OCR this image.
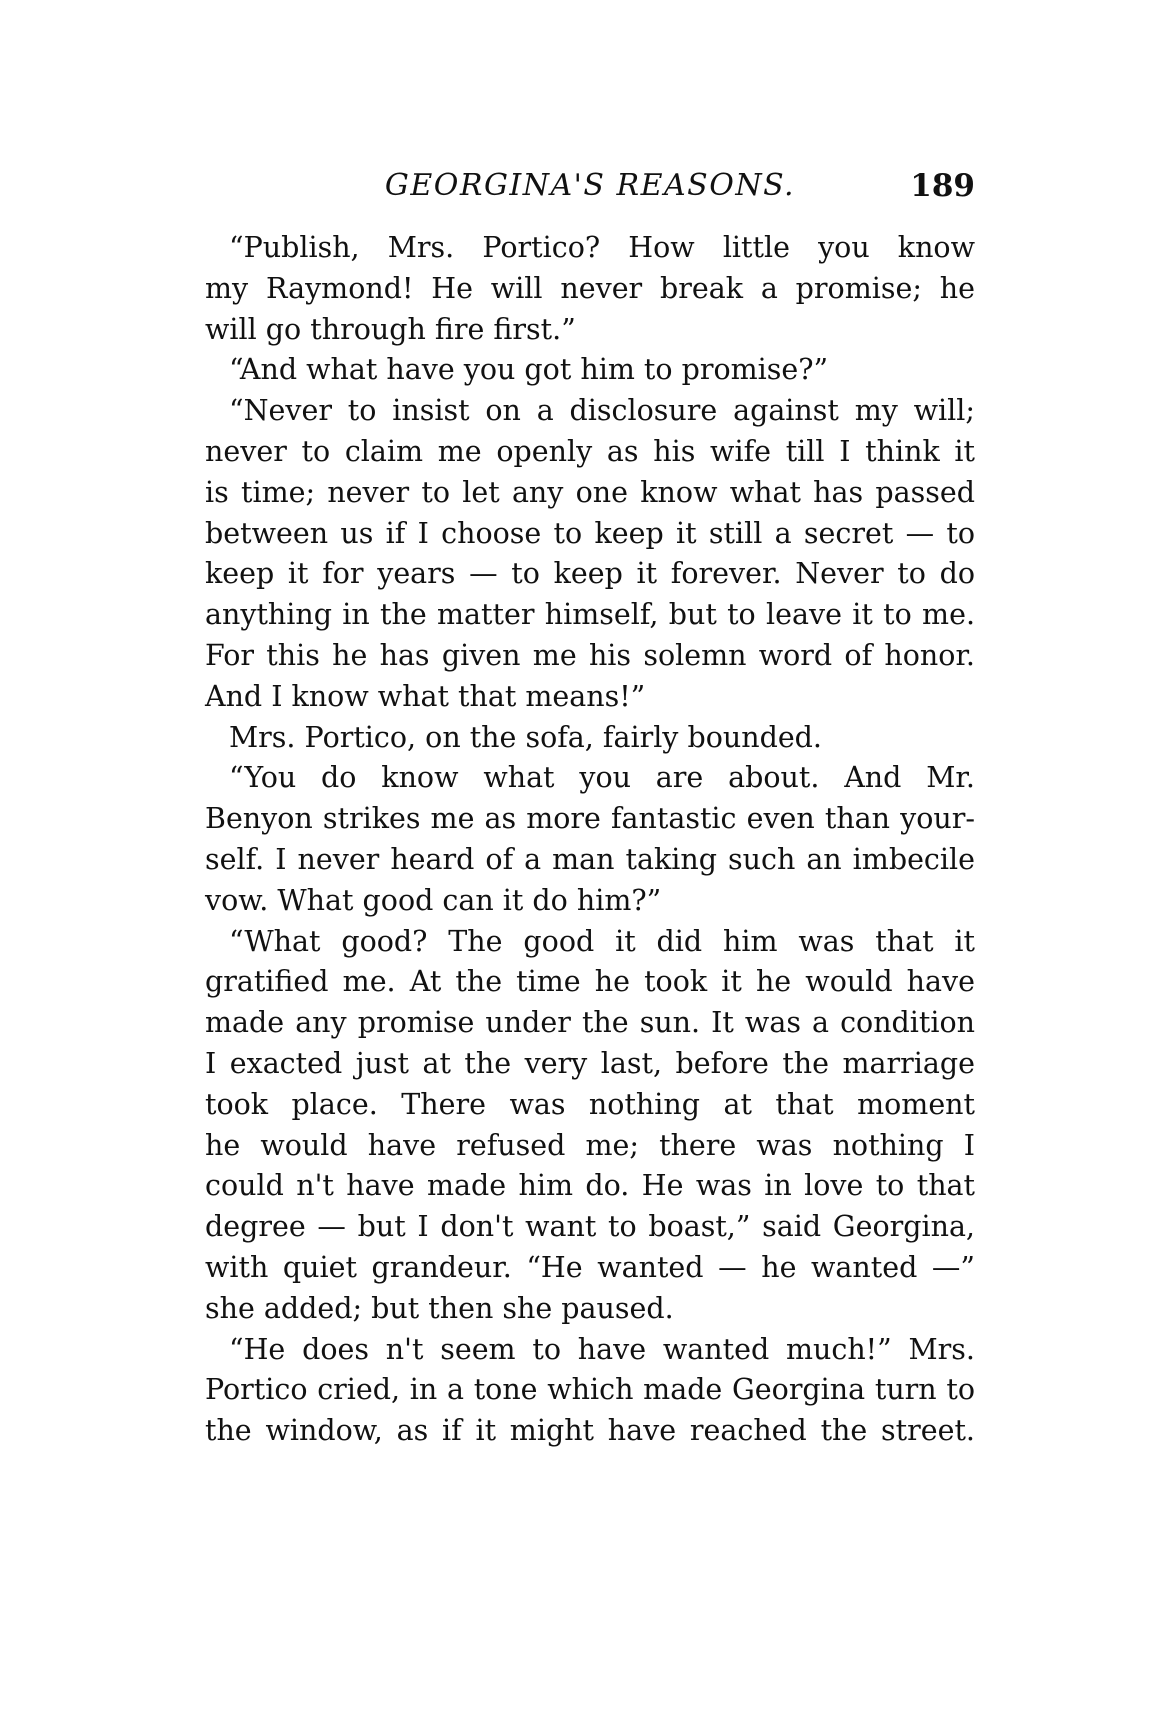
GEORGINA'S REASONS.	189
“Publish, Mrs. Portico? How little you know
my Raymond! He will never break a promise; he
will go through fire first.”
“And what have you got him to promise?”
“Never to insist on a disclosure against my will;
never to claim me openly as his wife till I think it
is time; never to let any one know what has passed
between us if I choose to keep it still a secret — to
keep it for years — to keep it forever. Never to do
anything in the matter himself, but to leave it to me.
For this he has given me his solemn word of honor.
And I know what that means!”
Mrs. Portico, on the sofa, fairly bounded.
“You do know what you are about. And Mr.
Benyon strikes me as more fantastic even than your-
self. I never heard of a man taking such an imbecile
vow. What good can it do him?”
“What good? The good it did him was that it
gratified me. At the time he took it he would have
made any promise under the sun. It was a condition
I exacted just at the very last, before the marriage
took place. There was nothing at that moment
he would have refused me; there was nothing I
could n't have made him do. He was in love to that
degree — but I don't want to boast,” said Georgina,
with quiet grandeur. “He wanted — he wanted —”
she added; but then she paused.
“He does n't seem to have wanted much!” Mrs.
Portico cried, in a tone which made Georgina turn to
the window, as if it might have reached the street.
